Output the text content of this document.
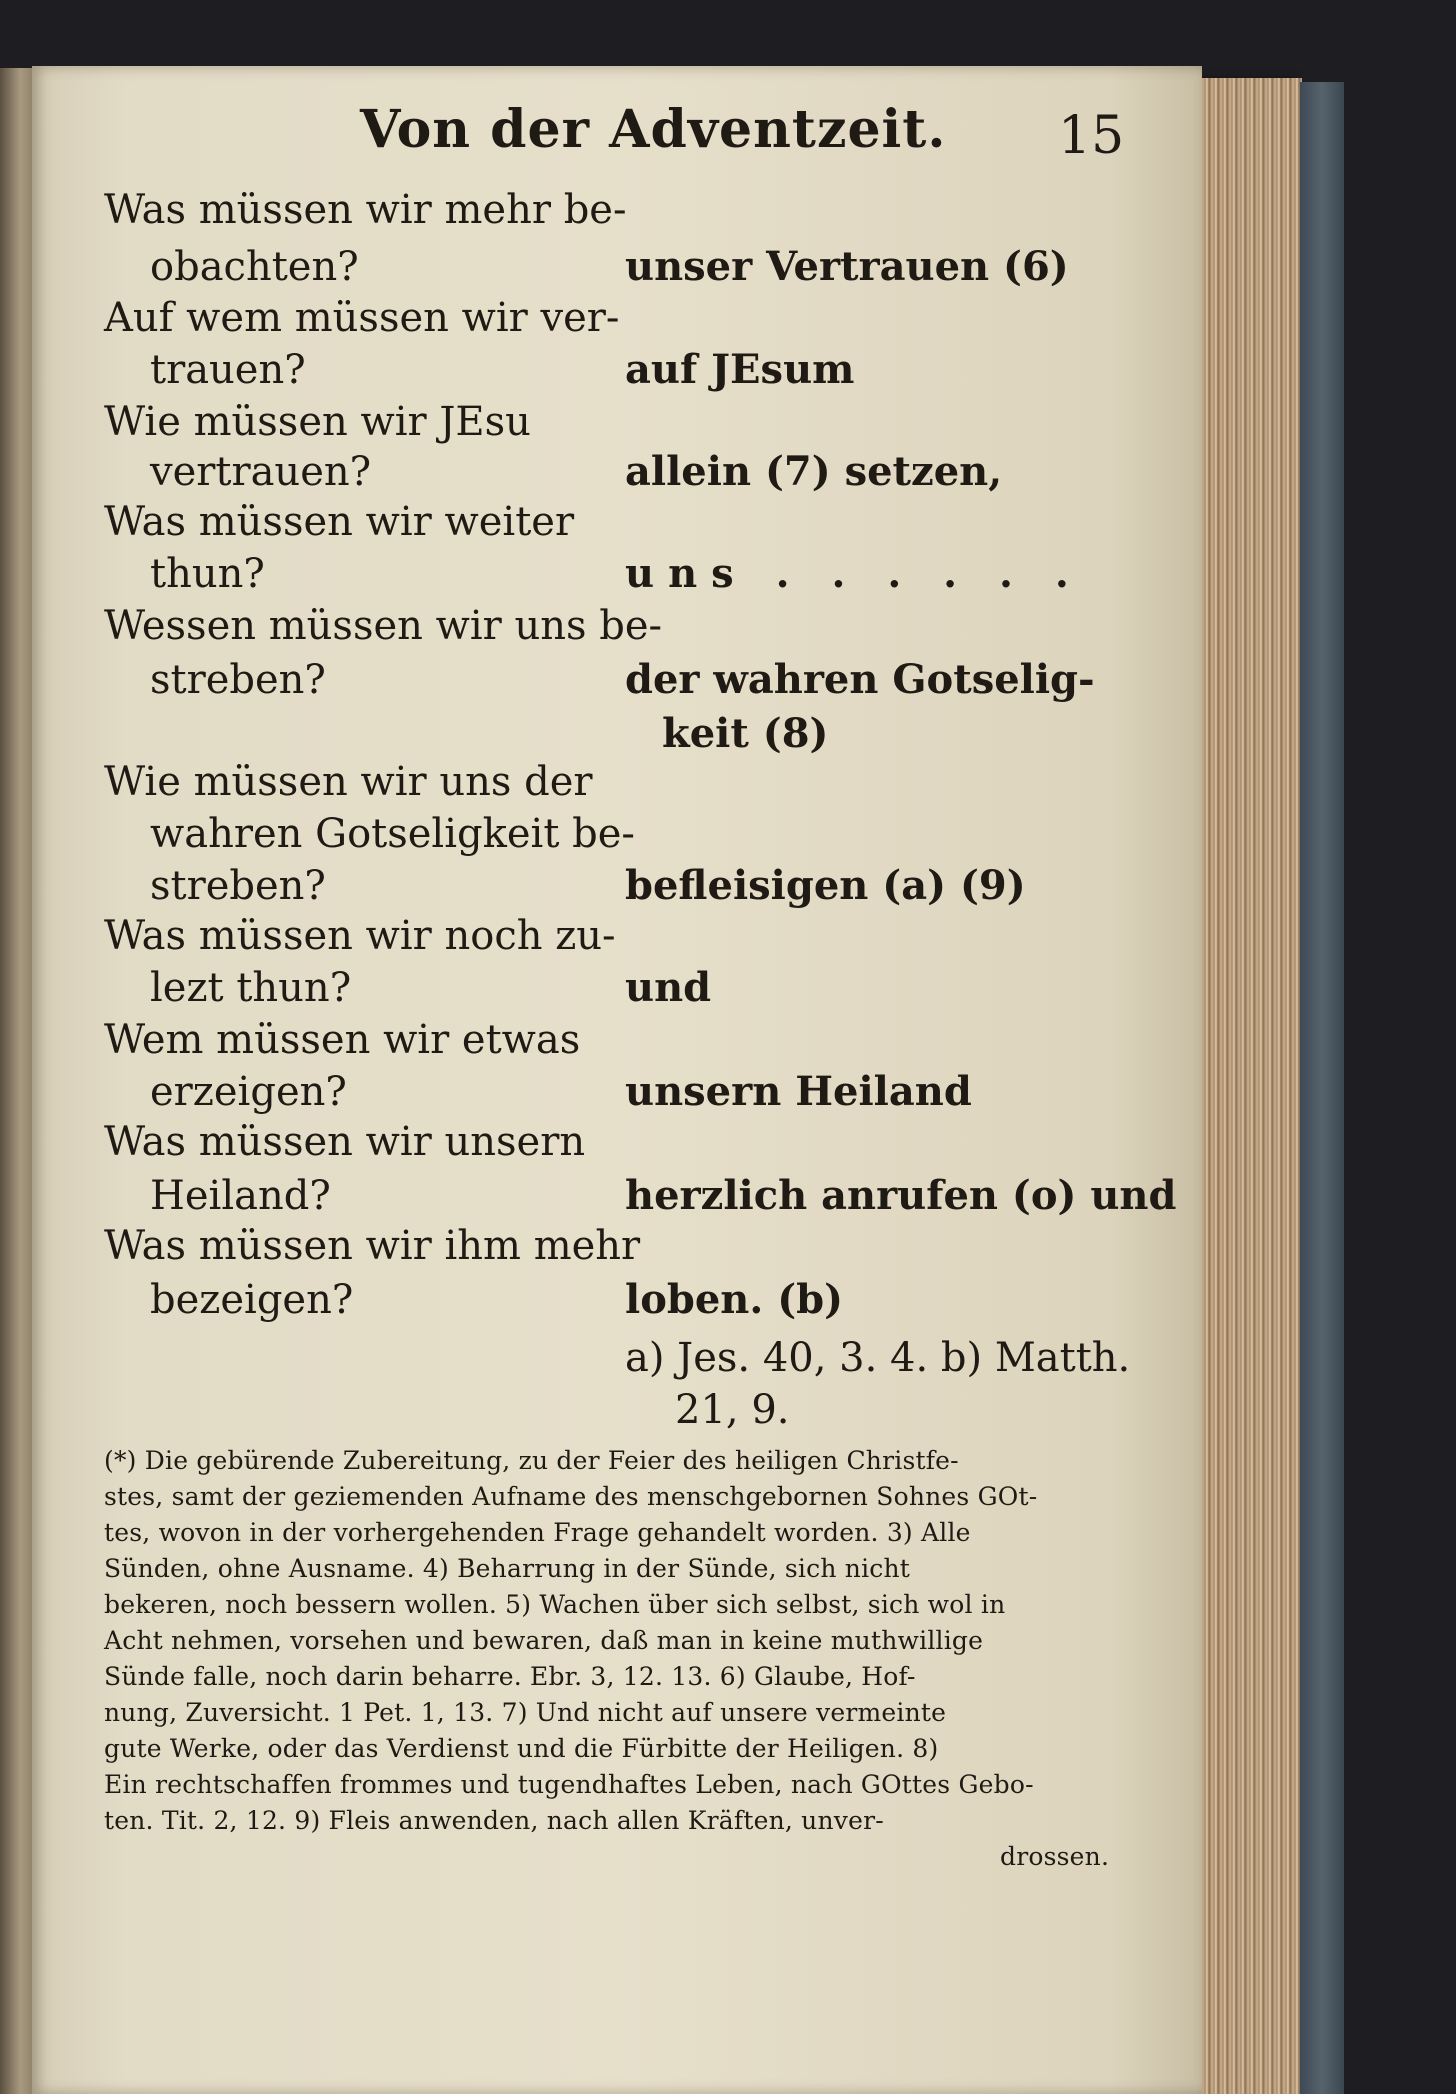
Von der Adventzeit. 15
Was müssen wir mehr be-
obachten?	unser Vertrauen (6)
Auf wem müssen wir ver-
trauen?	auf JEsum
Wie müssen wir JEsu
vertrauen?	allein (7) setzen,
Was müssen wir weiter
thun?	uns . . . . . .
Wessen müssen wir uns be-
streben?	der wahren Gotselig-
keit (8)
Wie müssen wir uns der
wahren Gotseligkeit be-
streben?	befleisigen (a) (9)
Was müssen wir noch zu-
lezt thun?	und
Wem müssen wir etwas
erzeigen?	unsern Heiland
Was müssen wir unsern
Heiland?	herzlich anrufen (o) und
Was müssen wir ihm mehr
bezeigen?	loben. (b)
a) Jes. 40, 3. 4. b) Matth.
21, 9.
(*) Die gebürende Zubereitung, zu der Feier des heiligen Christfe-
stes, samt der geziemenden Aufname des menschgebornen Sohnes GOt-
tes, wovon in der vorhergehenden Frage gehandelt worden. 3) Alle
Sünden, ohne Ausname. 4) Beharrung in der Sünde, sich nicht
bekeren, noch bessern wollen. 5) Wachen über sich selbst, sich wol in
Acht nehmen, vorsehen und bewaren, daß man in keine muthwillige
Sünde falle, noch darin beharre. Ebr. 3, 12. 13. 6) Glaube, Hof-
nung, Zuversicht. 1 Pet. 1, 13. 7) Und nicht auf unsere vermeinte
gute Werke, oder das Verdienst und die Fürbitte der Heiligen. 8)
Ein rechtschaffen frommes und tugendhaftes Leben, nach GOttes Gebo-
ten. Tit. 2, 12. 9) Fleis anwenden, nach allen Kräften, unver-
drossen.
